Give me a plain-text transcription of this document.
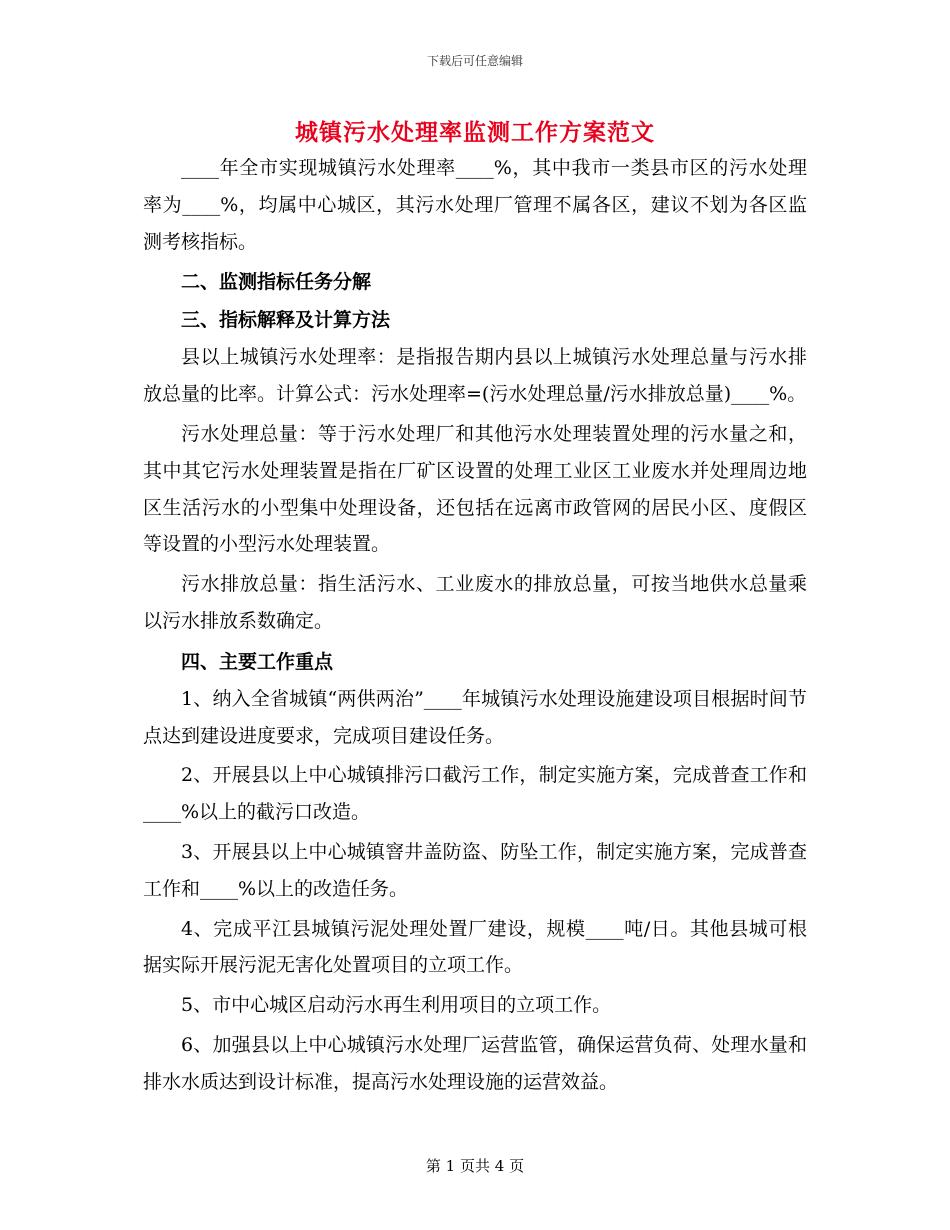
下载后可任意编辑
城镇污水处理率监测工作方案范文

____年全市实现城镇污水处理率____%，其中我市一类县市区的污水处理率为____%，均属中心城区，其污水处理厂管理不属各区，建议不划为各区监测考核指标。

二、监测指标任务分解
三、指标解释及计算方法

县以上城镇污水处理率：是指报告期内县以上城镇污水处理总量与污水排放总量的比率。计算公式：污水处理率=(污水处理总量/污水排放总量)____%。

污水处理总量：等于污水处理厂和其他污水处理装置处理的污水量之和，其中其它污水处理装置是指在厂矿区设置的处理工业区工业废水并处理周边地区生活污水的小型集中处理设备，还包括在远离市政管网的居民小区、度假区等设置的小型污水处理装置。

污水排放总量：指生活污水、工业废水的排放总量，可按当地供水总量乘以污水排放系数确定。

四、主要工作重点

1、纳入全省城镇“两供两治”____年城镇污水处理设施建设项目根据时间节点达到建设进度要求，完成项目建设任务。

2、开展县以上中心城镇排污口截污工作，制定实施方案，完成普查工作和____%以上的截污口改造。

3、开展县以上中心城镇窨井盖防盗、防坠工作，制定实施方案，完成普查工作和____%以上的改造任务。

4、完成平江县城镇污泥处理处置厂建设，规模____吨/日。其他县城可根据实际开展污泥无害化处置项目的立项工作。

5、市中心城区启动污水再生利用项目的立项工作。

6、加强县以上中心城镇污水处理厂运营监管，确保运营负荷、处理水量和排水水质达到设计标准，提高污水处理设施的运营效益。

第 1 页共 4 页
